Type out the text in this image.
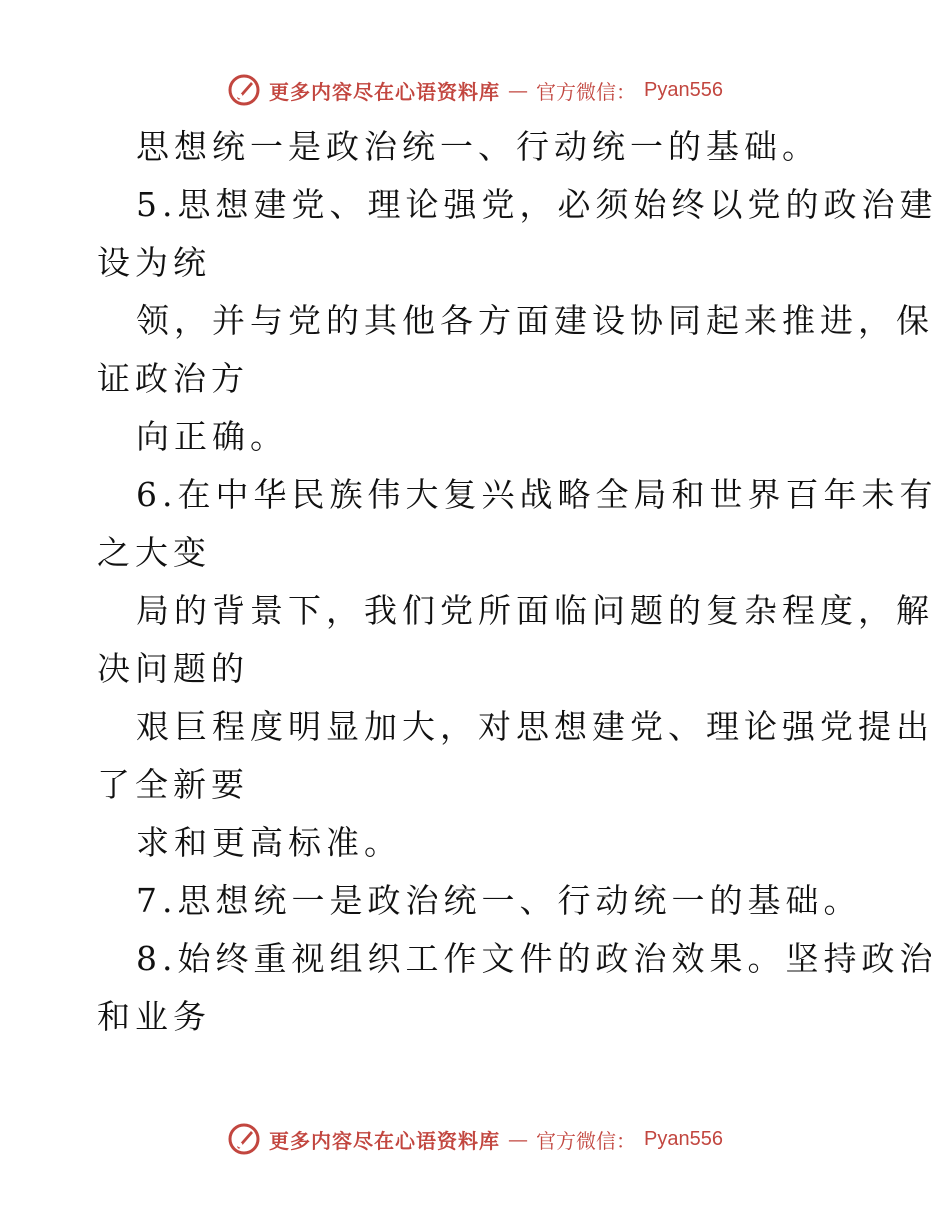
更多内容尽在心语资料库 — 官方微信： Pyan556
思想统一是政治统一、行动统一的基础。
5.思想建党、理论强党，必须始终以党的政治建
设为统
领，并与党的其他各方面建设协同起来推进，保
证政治方
向正确。
6.在中华民族伟大复兴战略全局和世界百年未有
之大变
局的背景下，我们党所面临问题的复杂程度，解
决问题的
艰巨程度明显加大，对思想建党、理论强党提出
了全新要
求和更高标准。
7.思想统一是政治统一、行动统一的基础。
8.始终重视组织工作文件的政治效果。坚持政治
和业务
更多内容尽在心语资料库 — 官方微信： Pyan556
